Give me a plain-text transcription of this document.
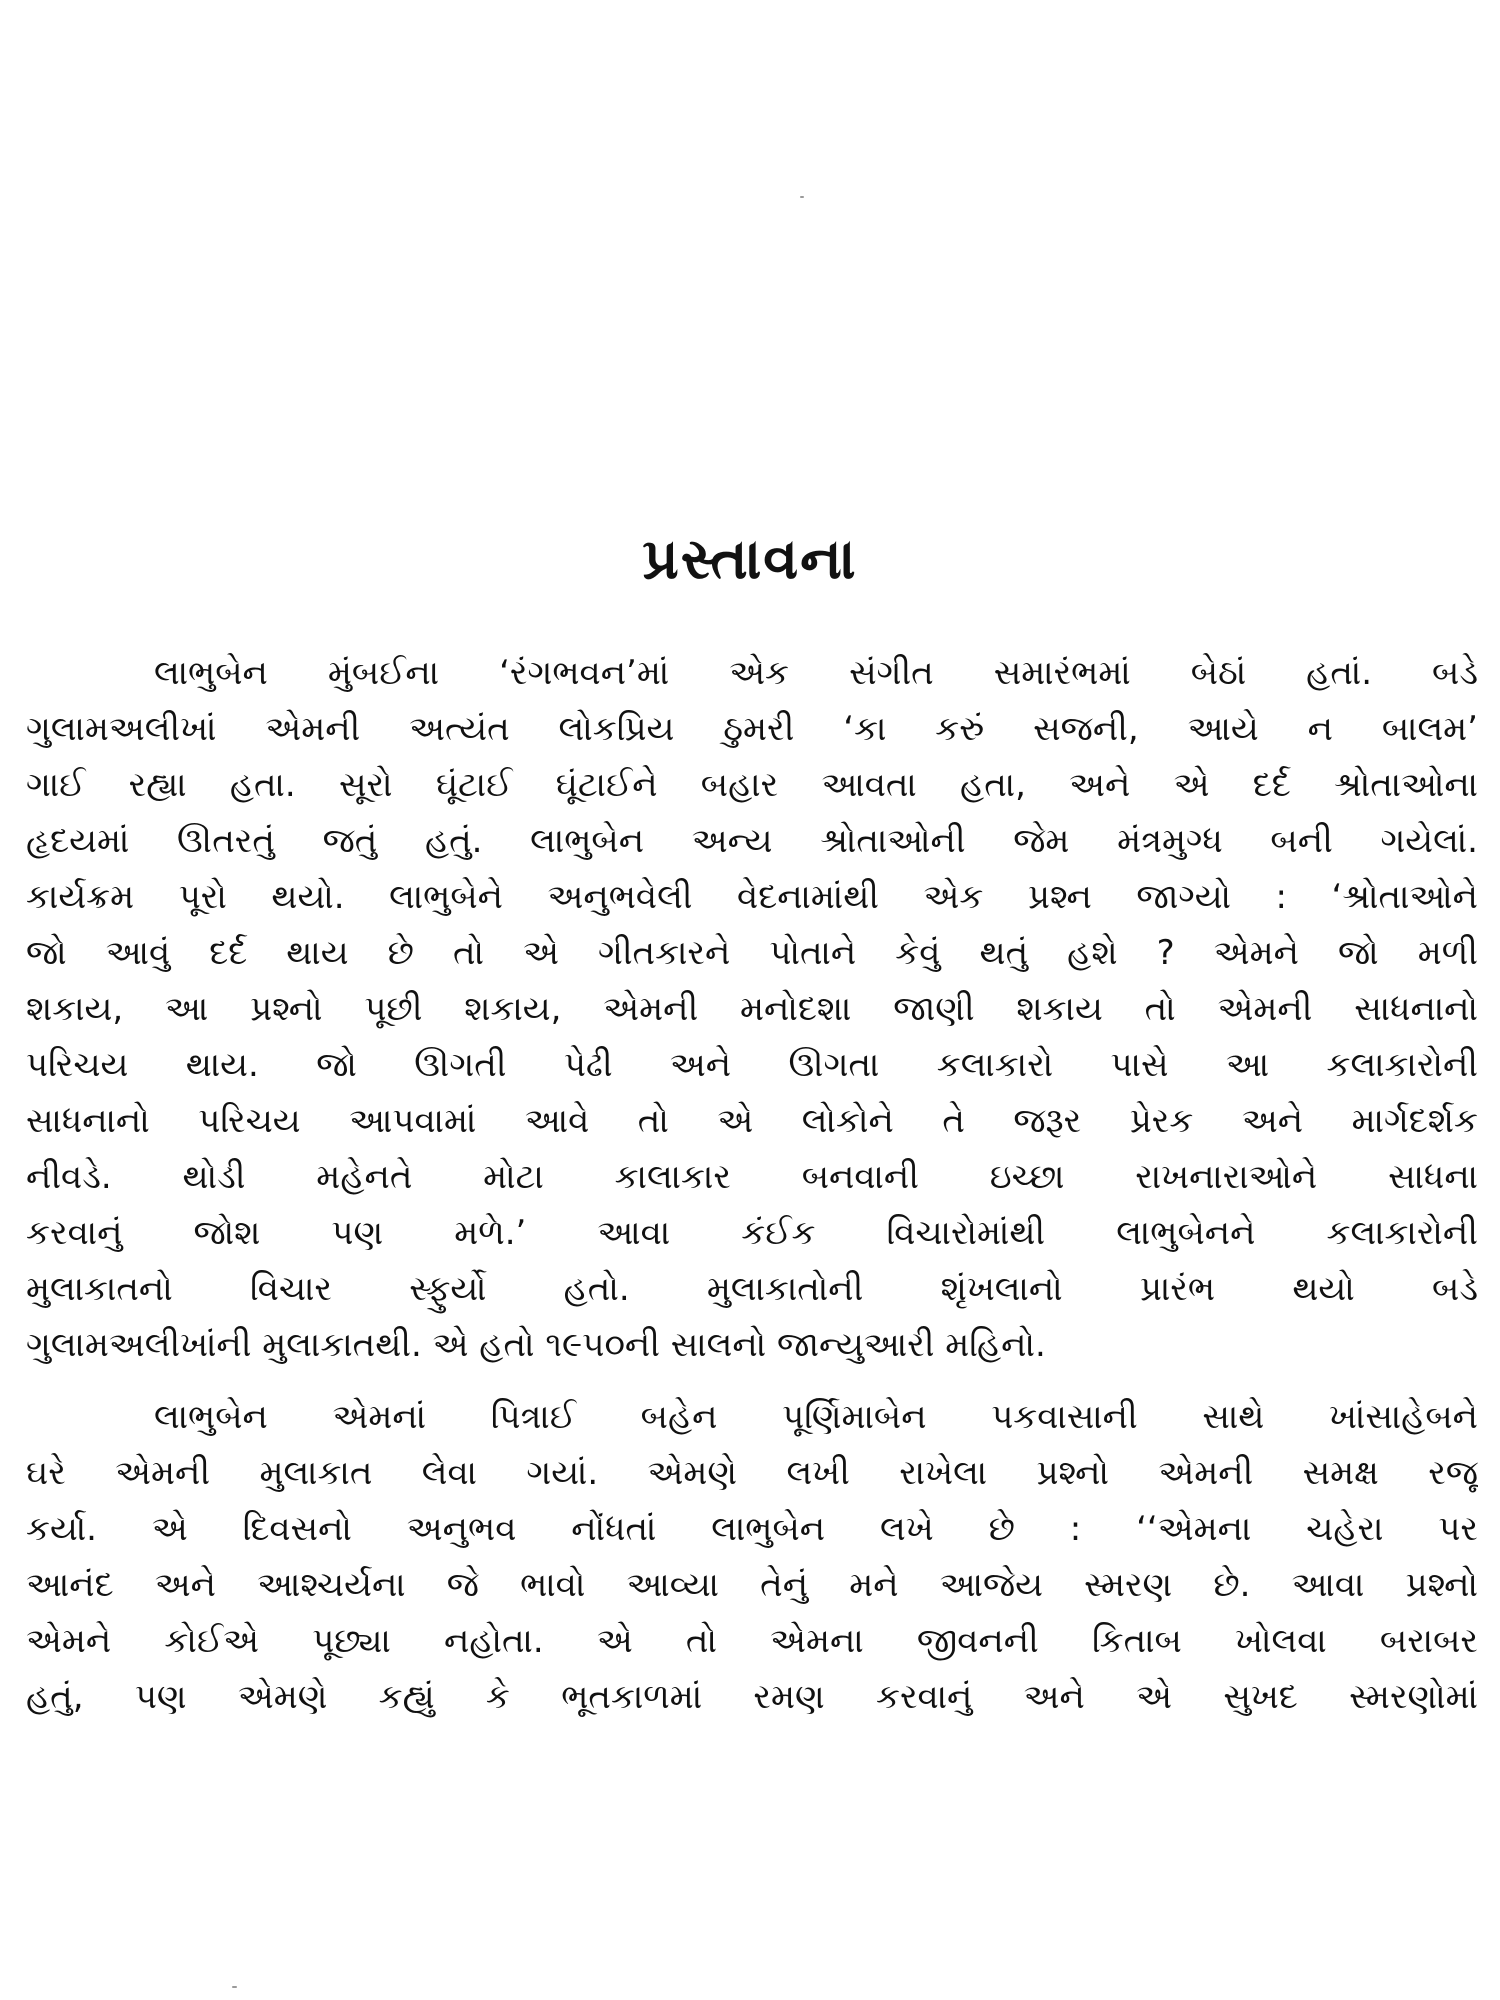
પ્રસ્તાવના
લાભુબેન મુંબઈના ‘રંગભવન’માં એક સંગીત સમારંભમાં બેઠાં હતાં. બડે
ગુલામઅલીખાં એમની અત્યંત લોકપ્રિય ઠુમરી ‘કા કરું સજની, આયે ન બાલમ’
ગાઈ રહ્યા હતા. સૂરો ઘૂંટાઈ ઘૂંટાઈને બહાર આવતા હતા, અને એ દર્દ શ્રોતાઓના
હૃદયમાં ઊતરતું જતું હતું. લાભુબેન અન્ય શ્રોતાઓની જેમ મંત્રમુગ્ધ બની ગયેલાં.
કાર્યક્રમ પૂરો થયો. લાભુબેને અનુભવેલી વેદનામાંથી એક પ્રશ્ન જાગ્યો : ‘શ્રોતાઓને
જો આવું દર્દ થાય છે તો એ ગીતકારને પોતાને કેવું થતું હશે ? એમને જો મળી
શકાય, આ પ્રશ્નો પૂછી શકાય, એમની મનોદશા જાણી શકાય તો એમની સાધનાનો
પરિચય થાય. જો ઊગતી પેઢી અને ઊગતા કલાકારો પાસે આ કલાકારોની
સાધનાનો પરિચય આપવામાં આવે તો એ લોકોને તે જરૂર પ્રેરક અને માર્ગદર્શક
નીવડે. થોડી મહેનતે મોટા કાલાકાર બનવાની ઇચ્છા રાખનારાઓને સાધના
કરવાનું જોશ પણ મળે.’ આવા કંઈક વિચારોમાંથી લાભુબેનને કલાકારોની
મુલાકાતનો વિચાર સ્ફુર્યો હતો. મુલાકાતોની શૃંખલાનો પ્રારંભ થયો બડે
ગુલામઅલીખાંની મુલાકાતથી. એ હતો ૧૯૫૦ની સાલનો જાન્યુઆરી મહિનો.
લાભુબેન એમનાં પિત્રાઈ બહેન પૂર્ણિમાબેન પકવાસાની સાથે ખાંસાહેબને
ઘરે એમની મુલાકાત લેવા ગયાં. એમણે લખી રાખેલા પ્રશ્નો એમની સમક્ષ રજૂ
કર્યા. એ દિવસનો અનુભવ નોંધતાં લાભુબેન લખે છે : ‘‘એમના ચહેરા પર
આનંદ અને આશ્ચર્યના જે ભાવો આવ્યા તેનું મને આજેય સ્મરણ છે. આવા પ્રશ્નો
એમને કોઈએ પૂછ્યા નહોતા. એ તો એમના જીવનની કિતાબ ખોલવા બરાબર
હતું, પણ એમણે કહ્યું કે ભૂતકાળમાં રમણ કરવાનું અને એ સુખદ સ્મરણોમાં
